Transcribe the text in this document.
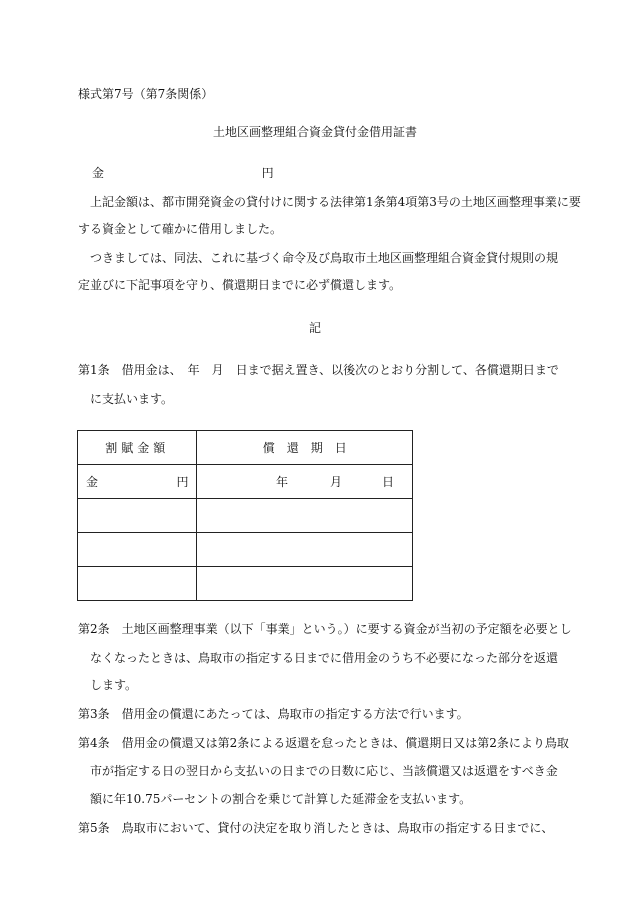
様式第7号（第7条関係）
土地区画整理組合資金貸付金借用証書
金	円
上記金額は、都市開発資金の貸付けに関する法律第1条第4項第3号の土地区画整理事業に要
する資金として確かに借用しました。
つきましては、同法、これに基づく命令及び鳥取市土地区画整理組合資金貸付規則の規
定並びに下記事項を守り、償還期日までに必ず償還します。
記
第1条　借用金は、　年　月　日まで据え置き、以後次のとおり分割して、各償還期日まで
に支払います。
割賦金額	償　還　期　日

金 円	年 月 日

第2条　土地区画整理事業（以下「事業」という。）に要する資金が当初の予定額を必要とし
なくなったときは、鳥取市の指定する日までに借用金のうち不必要になった部分を返還
します。
第3条　借用金の償還にあたっては、鳥取市の指定する方法で行います。
第4条　借用金の償還又は第2条による返還を怠ったときは、償還期日又は第2条により鳥取
市が指定する日の翌日から支払いの日までの日数に応じ、当該償還又は返還をすべき金
額に年10.75パーセントの割合を乗じて計算した延滞金を支払います。
第5条　鳥取市において、貸付の決定を取り消したときは、鳥取市の指定する日までに、
